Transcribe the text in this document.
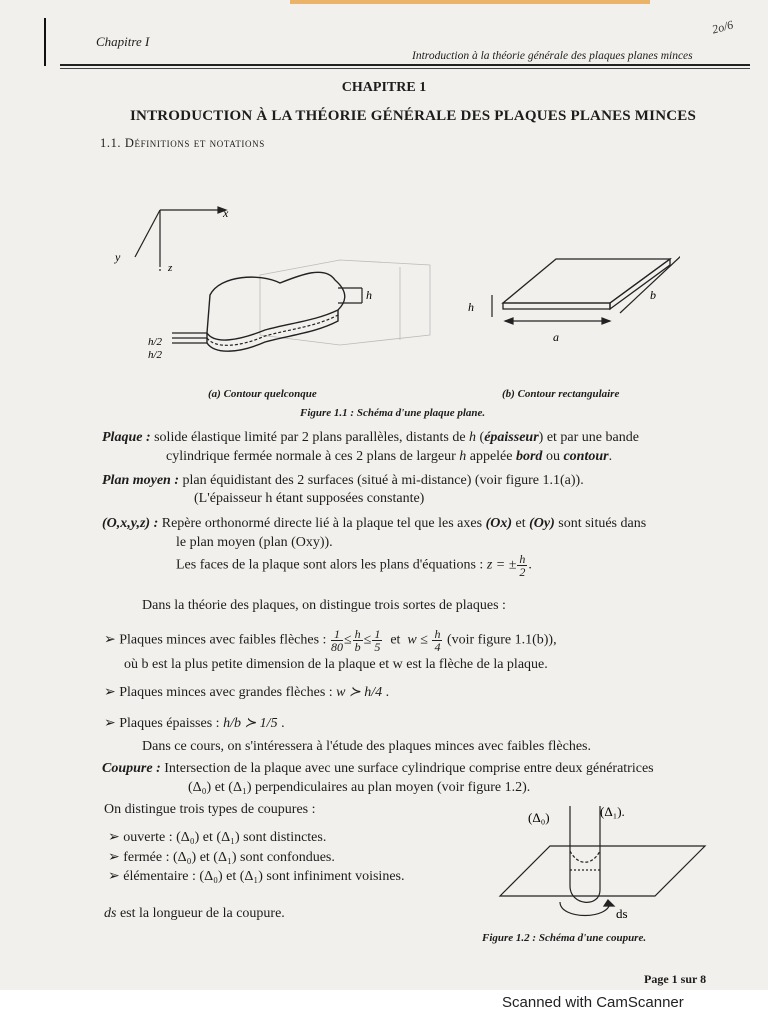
Chapitre I
Introduction à la théorie générale des plaques planes minces
2o/6
CHAPITRE 1
INTRODUCTION À LA THÉORIE GÉNÉRALE DES PLAQUES PLANES MINCES
1.1. Définitions et notations
x
y
z
h
h/2
h/2
h
a
b
(a) Contour quelconque	(b) Contour rectangulaire
Figure 1.1 : Schéma d'une plaque plane.
Plaque : solide élastique limité par 2 plans parallèles, distants de h (épaisseur) et par une bande
cylindrique fermée normale à ces 2 plans de largeur h appelée bord ou contour.
Plan moyen : plan équidistant des 2 surfaces (situé à mi-distance) (voir figure 1.1(a)).
(L'épaisseur h étant supposées constante)
(O,x,y,z) : Repère orthonormé directe lié à la plaque tel que les axes (Ox) et (Oy) sont situés dans
le plan moyen (plan (Oxy)).
Les faces de la plaque sont alors les plans d'équations : z = ± $\frac{h}{2}$ .
Dans la théorie des plaques, on distingue trois sortes de plaques :
➢ Plaques minces avec faibles flèches : $\frac{1}{80} \le \frac{h}{b} \le \frac{1}{5}$ et  $w \le \frac{h}{4}$ (voir figure 1.1(b)),
où b est la plus petite dimension de la plaque et w est la flèche de la plaque.
➢ Plaques minces avec grandes flèches : w ≻ h/4 .
➢ Plaques épaisses : h/b ≻ 1/5 .
Dans ce cours, on s'intéressera à l'étude des plaques minces avec faibles flèches.
Coupure : Intersection de la plaque avec une surface cylindrique comprise entre deux génératrices
(Δ₀) et (Δ₁) perpendiculaires au plan moyen (voir figure 1.2).
On distingue trois types de coupures :
➢ ouverte : (Δ₀) et (Δ₁) sont distinctes.
➢ fermée : (Δ₀) et (Δ₁) sont confondues.
➢ élémentaire : (Δ₀) et (Δ₁) sont infiniment voisines.
ds est la longueur de la coupure.
(Δ₀)	(Δ₁).
ds
Figure 1.2 : Schéma d'une coupure.
Page 1 sur 8
Scanned with CamScanner
